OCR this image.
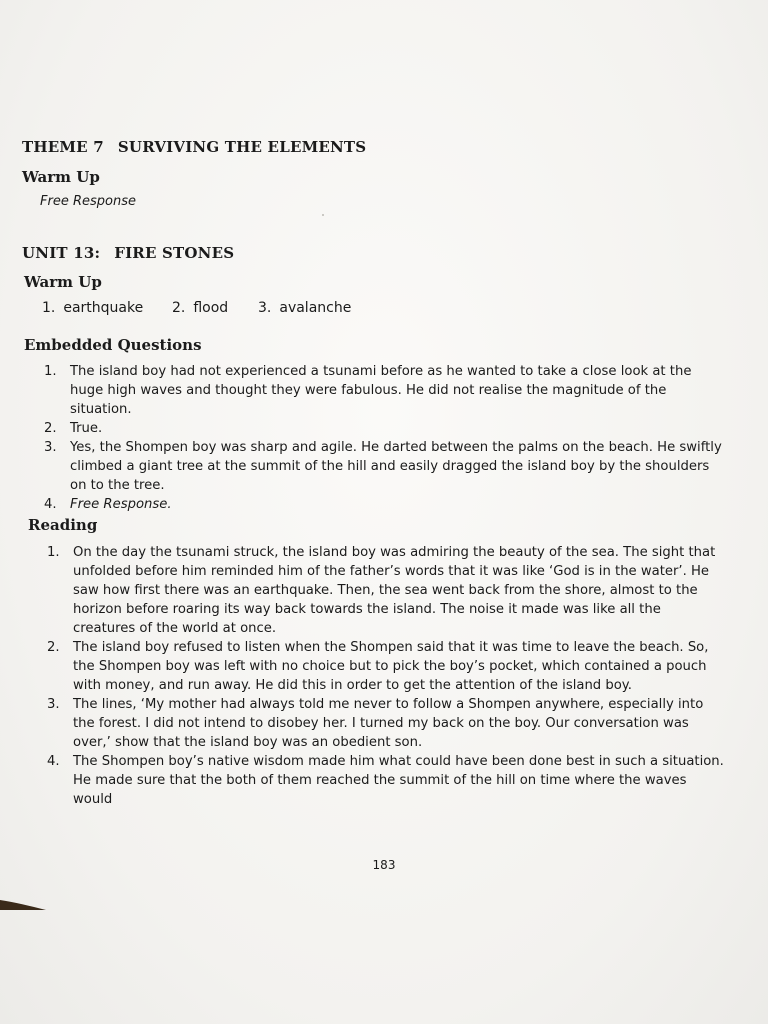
THEME 7 SURVIVING THE ELEMENTS
Warm Up

Free Response

UNIT 13: FIRE STONES
Warm Up
1. earthquake	2. flood	3. avalanche
Embedded Questions
1. The island boy had not experienced a tsunami before as he wanted to take a close look at the huge high waves and thought they were fabulous. He did not realise the magnitude of the situation.
2. True.
3. Yes, the Shompen boy was sharp and agile. He darted between the palms on the beach. He swiftly climbed a giant tree at the summit of the hill and easily dragged the island boy by the shoulders on to the tree.
4. Free Response.
Reading
1. On the day the tsunami struck, the island boy was admiring the beauty of the sea. The sight that unfolded before him reminded him of the father’s words that it was like ‘God is in the water’. He saw how first there was an earthquake. Then, the sea went back from the shore, almost to the horizon before roaring its way back towards the island. The noise it made was like all the creatures of the world at once.
2. The island boy refused to listen when the Shompen said that it was time to leave the beach. So, the Shompen boy was left with no choice but to pick the boy’s pocket, which contained a pouch with money, and run away. He did this in order to get the attention of the island boy.
3. The lines, ‘My mother had always told me never to follow a Shompen anywhere, especially into the forest. I did not intend to disobey her. I turned my back on the boy. Our conversation was over,’ show that the island boy was an obedient son.
4. The Shompen boy’s native wisdom made him what could have been done best in such a situation. He made sure that the both of them reached the summit of the hill on time where the waves would

183
